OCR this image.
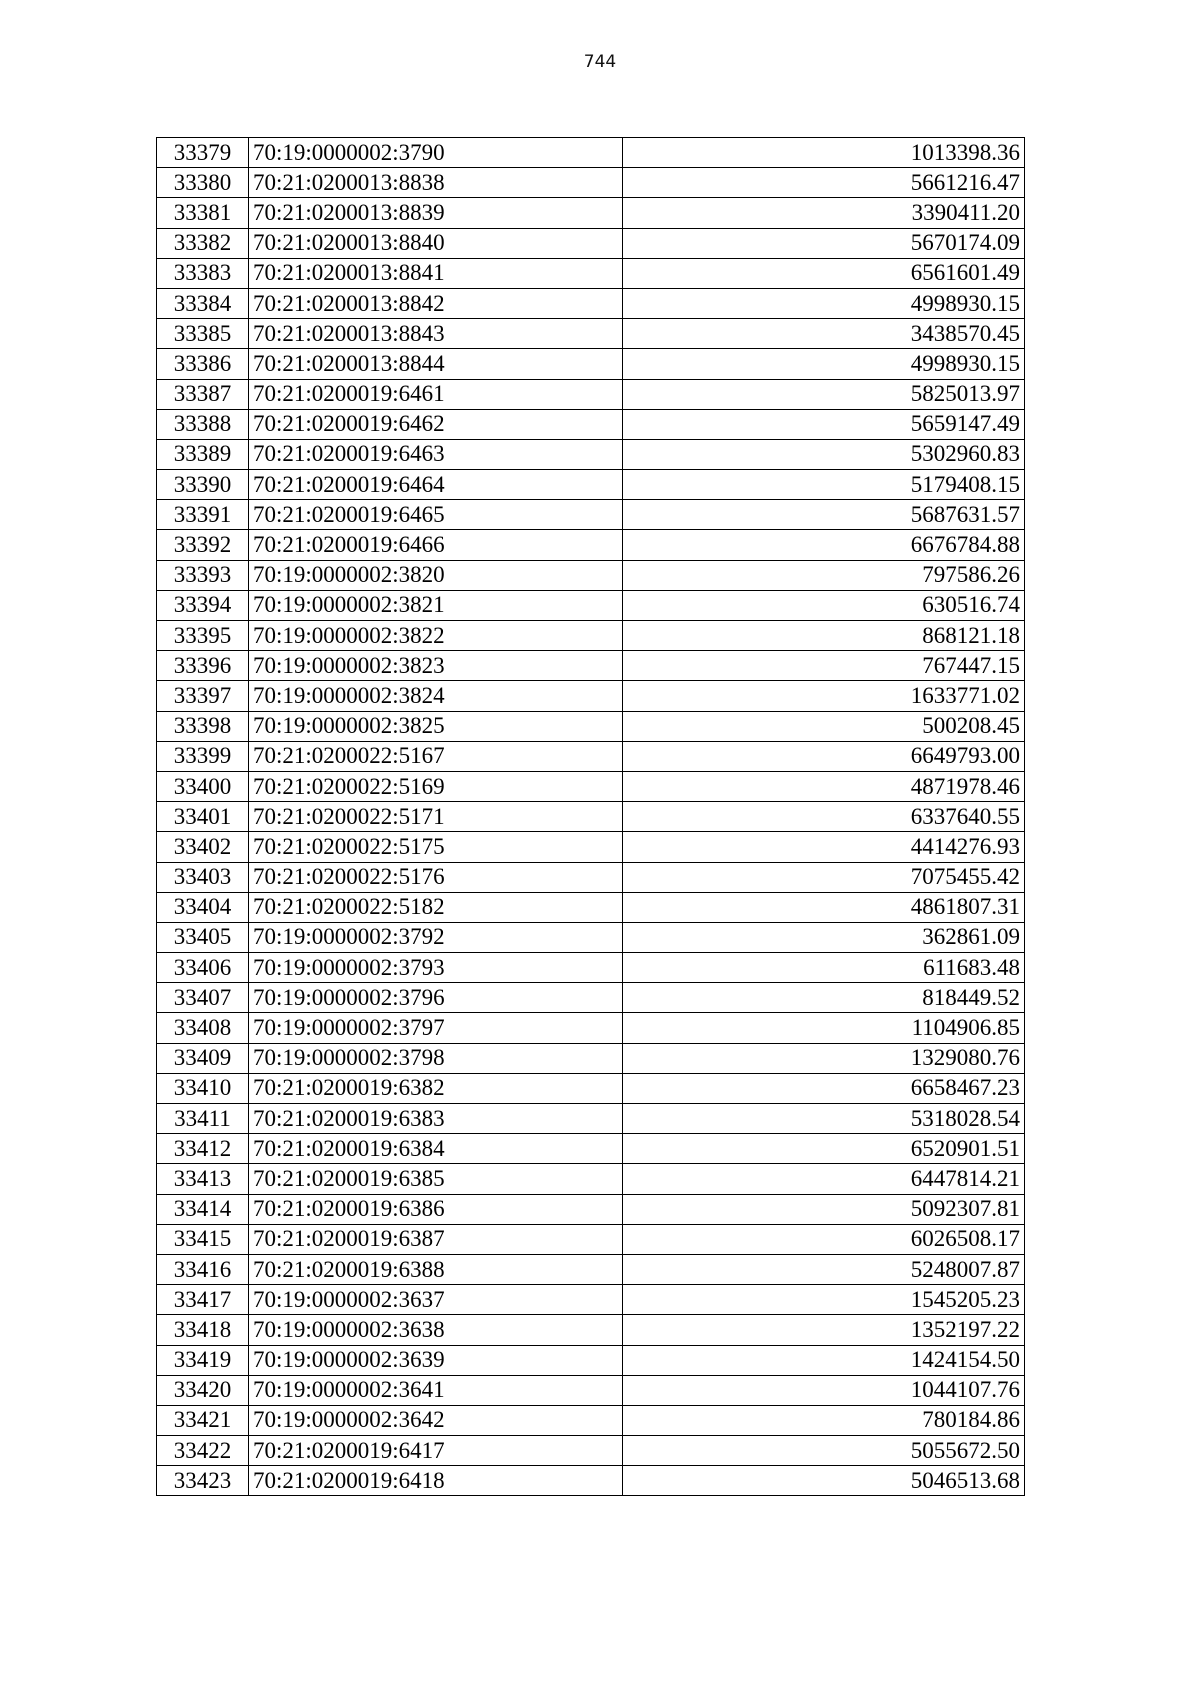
744
33379	70:19:0000002:3790	1013398.36
33380	70:21:0200013:8838	5661216.47
33381	70:21:0200013:8839	3390411.20
33382	70:21:0200013:8840	5670174.09
33383	70:21:0200013:8841	6561601.49
33384	70:21:0200013:8842	4998930.15
33385	70:21:0200013:8843	3438570.45
33386	70:21:0200013:8844	4998930.15
33387	70:21:0200019:6461	5825013.97
33388	70:21:0200019:6462	5659147.49
33389	70:21:0200019:6463	5302960.83
33390	70:21:0200019:6464	5179408.15
33391	70:21:0200019:6465	5687631.57
33392	70:21:0200019:6466	6676784.88
33393	70:19:0000002:3820	797586.26
33394	70:19:0000002:3821	630516.74
33395	70:19:0000002:3822	868121.18
33396	70:19:0000002:3823	767447.15
33397	70:19:0000002:3824	1633771.02
33398	70:19:0000002:3825	500208.45
33399	70:21:0200022:5167	6649793.00
33400	70:21:0200022:5169	4871978.46
33401	70:21:0200022:5171	6337640.55
33402	70:21:0200022:5175	4414276.93
33403	70:21:0200022:5176	7075455.42
33404	70:21:0200022:5182	4861807.31
33405	70:19:0000002:3792	362861.09
33406	70:19:0000002:3793	611683.48
33407	70:19:0000002:3796	818449.52
33408	70:19:0000002:3797	1104906.85
33409	70:19:0000002:3798	1329080.76
33410	70:21:0200019:6382	6658467.23
33411	70:21:0200019:6383	5318028.54
33412	70:21:0200019:6384	6520901.51
33413	70:21:0200019:6385	6447814.21
33414	70:21:0200019:6386	5092307.81
33415	70:21:0200019:6387	6026508.17
33416	70:21:0200019:6388	5248007.87
33417	70:19:0000002:3637	1545205.23
33418	70:19:0000002:3638	1352197.22
33419	70:19:0000002:3639	1424154.50
33420	70:19:0000002:3641	1044107.76
33421	70:19:0000002:3642	780184.86
33422	70:21:0200019:6417	5055672.50
33423	70:21:0200019:6418	5046513.68
